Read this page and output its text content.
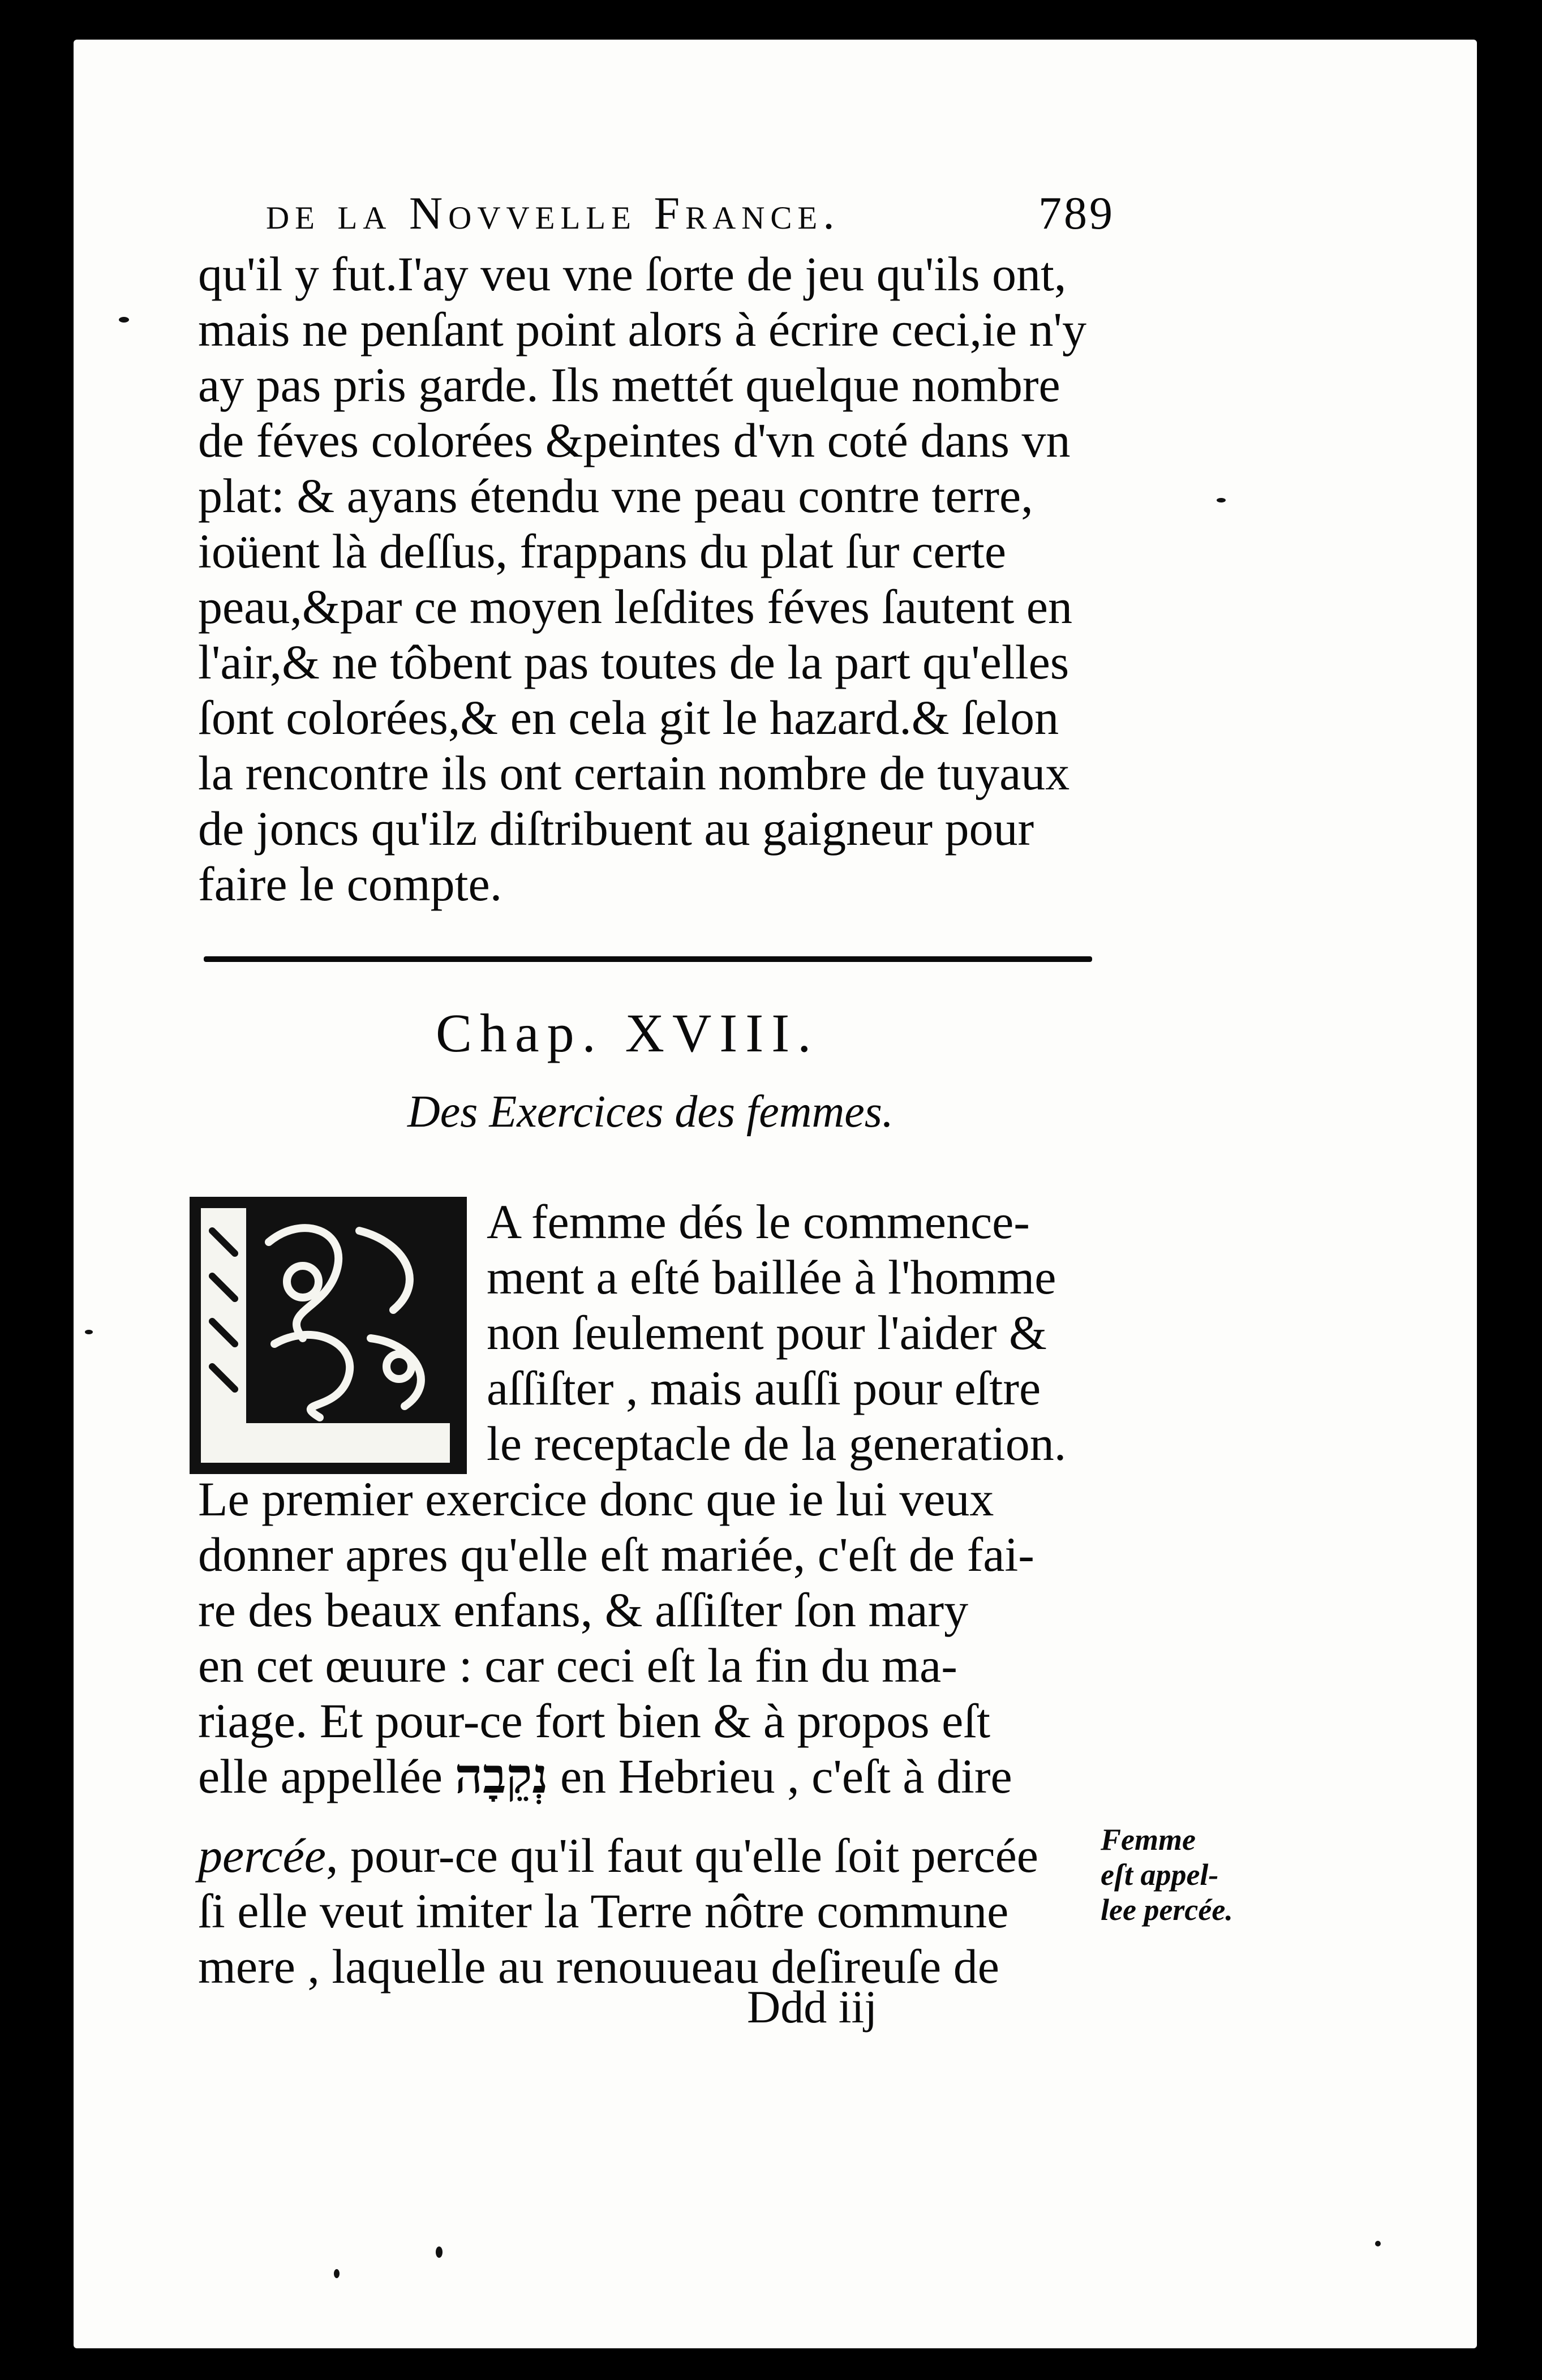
de la Novvelle France.	789
qu'il y fut.I'ay veu vne ſorte de jeu qu'ils ont,
mais ne penſant point alors à écrire ceci,ie n'y
ay pas pris garde. Ils mettét quelque nombre
de féves colorées &peintes d'vn coté dans vn
plat: & ayans étendu vne peau contre terre,
ioüent là deſſus, frappans du plat ſur certe
peau,&par ce moyen leſdites féves ſautent en
l'air,& ne tôbent pas toutes de la part qu'elles
ſont colorées,& en cela git le hazard.& ſelon
la rencontre ils ont certain nombre de tuyaux
de joncs qu'ilz diſtribuent au gaigneur pour
faire le compte.
Chap. XVIII.
Des Exercices des femmes.
A femme dés le commence-
ment a eſté baillée à l'homme
non ſeulement pour l'aider &
aſſiſter , mais auſſi pour eſtre
le receptacle de la generation.
Le premier exercice donc que ie lui veux
donner apres qu'elle eſt mariée, c'eſt de fai-
re des beaux enfans, & aſſiſter ſon mary
en cet œuure : car ceci eſt la fin du ma-
riage. Et pour-ce fort bien & à propos eſt
elle appellée נְקֵבָה en Hebrieu , c'eſt à dire
percée, pour-ce qu'il faut qu'elle ſoit percée
ſi elle veut imiter la Terre nôtre commune
mere , laquelle au renouueau deſireuſe de
Femme
eſt appel-
lee percée.
Ddd iij
